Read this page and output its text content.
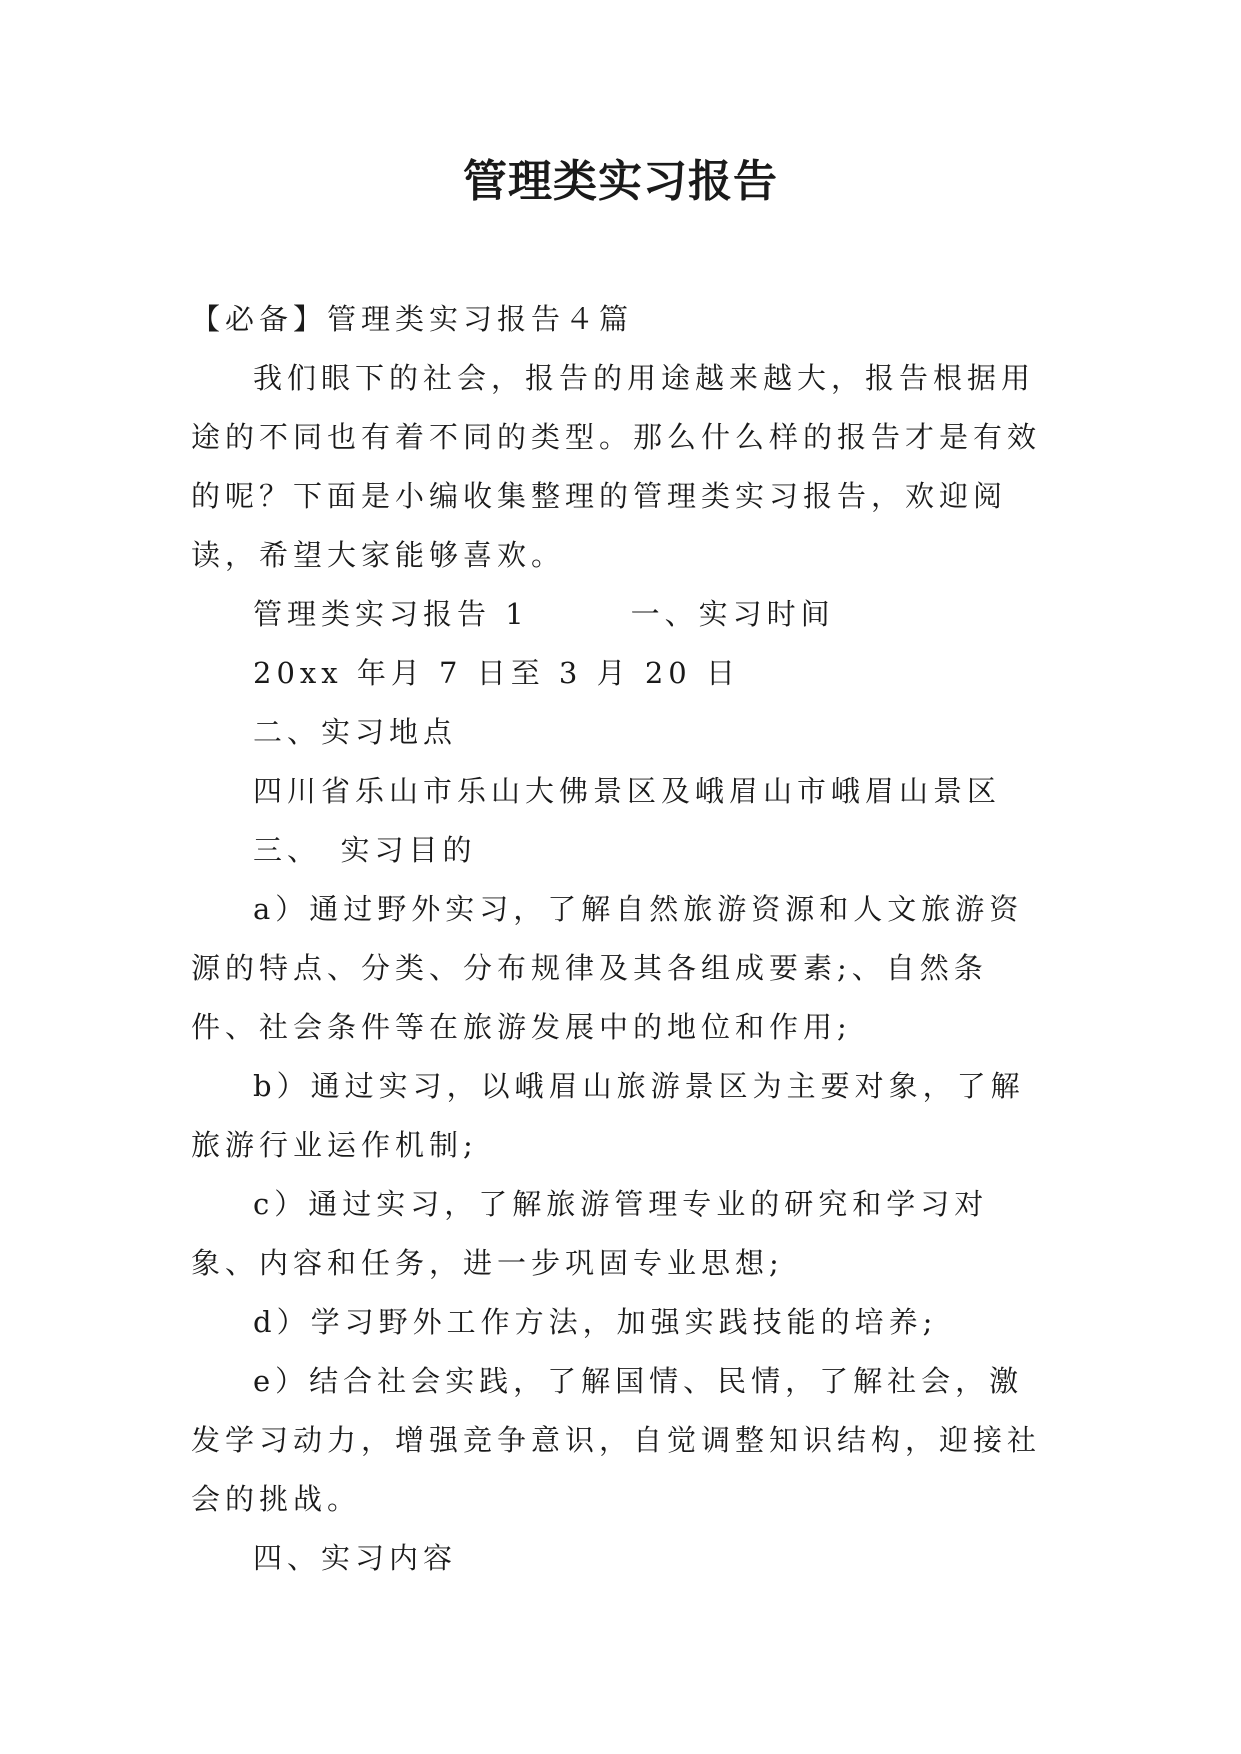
管理类实习报告

【必备】管理类实习报告４篇

我们眼下的社会，报告的用途越来越大，报告根据用途的不同也有着不同的类型。那么什么样的报告才是有效的呢？下面是小编收集整理的管理类实习报告，欢迎阅读，希望大家能够喜欢。

管理类实习报告 1　　　一、实习时间

20xx 年月 7 日至 3 月 20 日

二、实习地点

四川省乐山市乐山大佛景区及峨眉山市峨眉山景区

三、　实习目的

a）通过野外实习，了解自然旅游资源和人文旅游资源的特点、分类、分布规律及其各组成要素;、自然条件、社会条件等在旅游发展中的地位和作用;

b）通过实习，以峨眉山旅游景区为主要对象，了解旅游行业运作机制;

c）通过实习，了解旅游管理专业的研究和学习对象、内容和任务，进一步巩固专业思想;

d）学习野外工作方法，加强实践技能的培养;

e）结合社会实践，了解国情、民情，了解社会，激发学习动力，增强竞争意识，自觉调整知识结构，迎接社会的挑战。

四、实习内容
